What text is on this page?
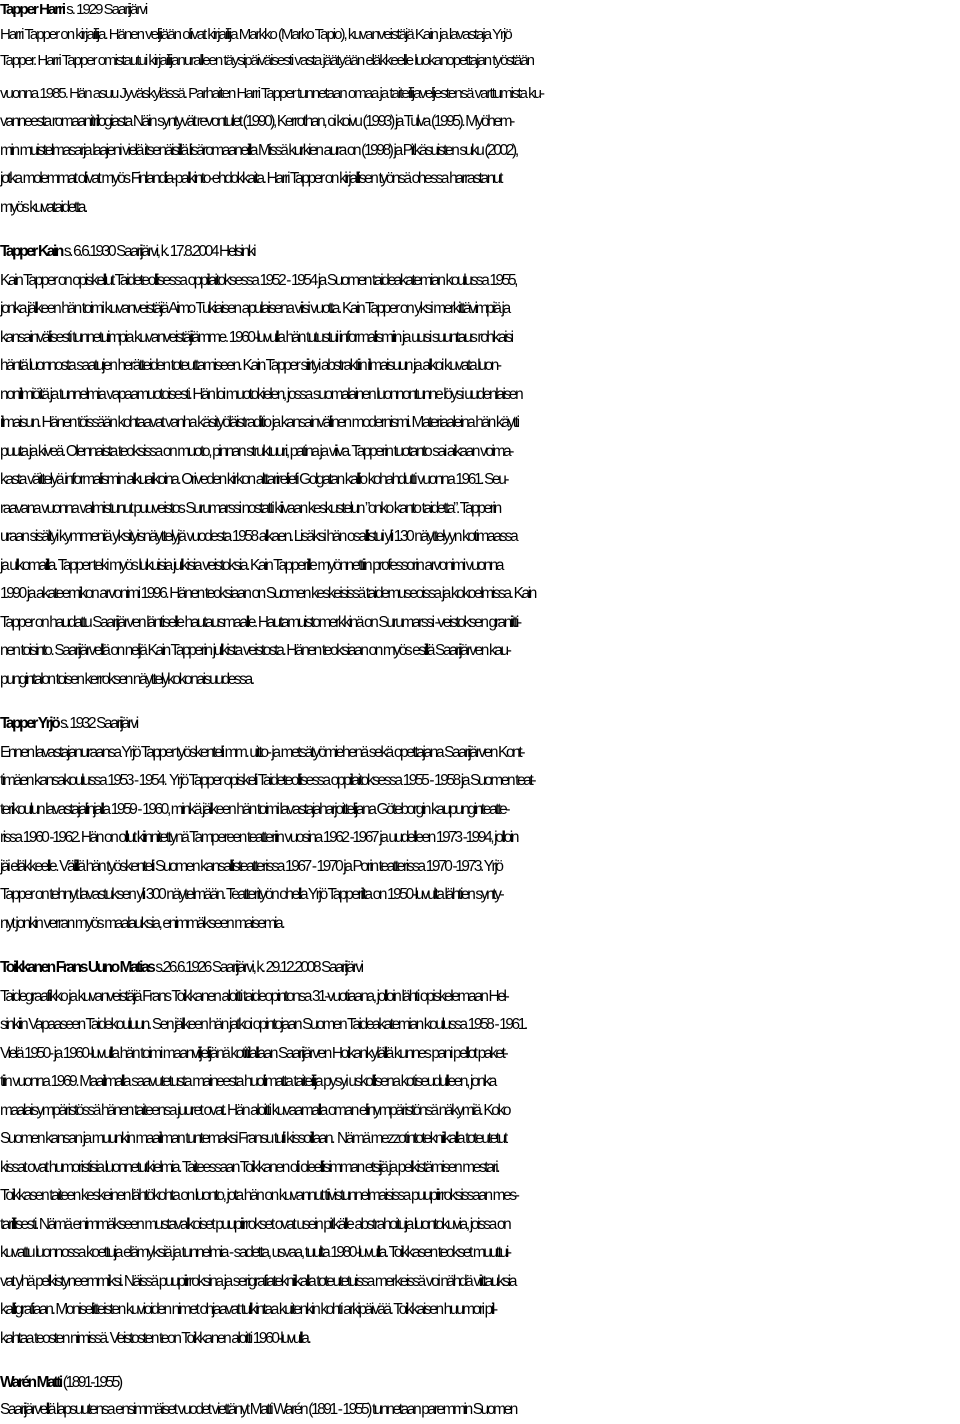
Tapper Harri s. 1929 Saarijärvi
Harri Tapper on kirjailija. Hänen veljiään olivat kirjailija Markko (Marko Tapio), kuvanveistäjä Kain ja lavastaja Yrjö
Tapper. Harri Tapper omistautui kirjailijanuralleen täysipäiväisesti vasta jäätyään eläkkeelle luokanopettajan työstään
vuonna 1985. Hän asuu Jyväskylässä. Parhaiten Harri Tapper tunnetaan omaa ja taiteilijaveljestensä varttumista ku-
vanneesta romaanitrilogiasta Näin syntyvät revontulet (1990), Kerrothan, oi koivu (1993) ja Tulva (1995). Myöhem-
min muistelmasarja laajeni vielä itsenäisillä lisäromaaneilla Missä kurkien aura on (1998) ja Pitkäsuisten suku (2002),
jotka molemmat olivat myös Finlandia-palkinto-ehdokkaita. Harri Tapper on kirjallisen työnsä ohessa harrastanut
myös kuvataidetta.
Tapper Kain s. 6.6.1930 Saarijärvi, k. 17.8.2004 Helsinki
Kain Tapper on opiskellut Taideteollisessa oppilaitoksessa 1952 - 1954 ja Suomen taideakatemian koulussa 1955,
jonka jälkeen hän toimi kuvanveistäjä Aimo Tukiaisen apulaisena viisi vuotta. Kain Tapper on yksi merkittävimpiä ja
kansainvälisesti tunnetuimpia kuvanveistäjiämme. 1960-luvulla hän tutustui informalismiin ja uusi suuntaus rohkaisi
häntä luonnosta saatujen herätteiden toteuttamiseen. Kain Tapper siirtyi abstraktiin ilmaisuun ja alkoi kuvata luon-
nonilmiöitä ja tunnelmia vapaamuotoisesti. Hän loi muotokielen, jossa suomalainen luonnontunne löysi uudenlaisen
ilmaisun. Hänen töissään kohtaavat vanha käsityöläistraditio ja kansainvälinen modernismi. Materiaaleina hän käytti
puuta ja kiveä. Olennaista teoksissa on muoto, pinnan struktuuri, patina ja viiva. Tapperin tuotanto sai aikaan voima-
kasta väittelyä informalismin alkuaikoina. Oriveden kirkon alttarireliefi Golgatan kallio kohahdutti vuonna 1961. Seu-
raavana vuonna valmistunut puuveistos Surumarssi nostatti kiivaan keskustelun ”onko kanto taidetta”. Tapperin
uraan sisältyi kymmeniä yksityisnäyttelyjä vuodesta 1958 alkaen. Lisäksi hän osallistui yli 130 näyttelyyn kotimaassa
ja ulkomailla. Tapper teki myös lukuisia julkisia veistoksia. Kain Tapperille myönnettiin professorin arvonimi vuonna
1990 ja akateemikon arvonimi 1996. Hänen teoksiaan on Suomen keskeisissä taidemuseoissa ja kokoelmissa. Kain
Tapper on haudattu Saarijärven läntiselle hautausmaalle. Hautamuistomerkkinä on Surumarssi -veistoksen graniitti-
nen toisinto. Saarijärvellä on neljä Kain Tapperin julkista veistosta. Hänen teoksiaan on myös esillä Saarijärven kau-
pungintalon toisen kerroksen näyttelykokonaisuudessa.
Tapper Yrjö s. 1932 Saarijärvi
Ennen lavastajanuraansa Yrjö Tapper työskenteli mm. uitto- ja metsätyömiehenä sekä opettajana Saarijärven Kont-
timäen kansakoulussa 1953 - 1954.  Yrjö Tapper opiskeli Taideteollisessa oppilaitoksessa 1955 - 1958 ja Suomen teat-
terikoulun lavastajalinjalla 1959 - 1960, minkä jälkeen hän toimi lavastajaharjoittelijana Göteborgin kaupunginteatte-
rissa 1960 -1962. Hän on ollut kiinnitettynä Tampereen teatteriin vuosina 1962 -1967 ja uudelleen 1973 -1994, jolloin
jäi eläkkeelle. Välillä hän työskenteli Suomen kansallisteatterissa 1967 - 1970 ja Porin teatterissa 1970 -1973. Yrjö
Tapper on tehnyt lavastuksen yli 300 näytelmään. Teatterityön ohella Yrjö Tapperilta on 1950-luvulta lähtien synty-
nyt jonkin verran myös maalauksia, enimmäkseen maisemia.
Toikkanen Frans Uuno Matias s.26.6.1926 Saarijärvi, k. 29.12.2008 Saarijärvi
Taidegraafikko ja kuvanveistäjä Frans Toikkanen aloitti taideopintonsa 31-vuotiaana, jolloin lähti opiskelemaan Hel-
sinkiin Vapaaseen Taidekouluun. Sen jälkeen hän jatkoi opintojaan Suomen Taideakatemian koulussa 1958 - 1961.
Vielä 1950- ja 1960-luvulla hän toimi maanviljelijänä kotitilallaan Saarijärven Hoikankylällä kunnes pani pellot paket-
tiin vuonna 1969. Maailmalla saavutetusta maineesta huolimatta taiteilija pysyi uskollisena kotiseudulleen, jonka
maalaisympäristössä hänen taiteensa juuret ovat. Hän aloitti kuvaamalla oman elinympäristönsä näkymiä. Koko
Suomen kansan ja muunkin maailman tuntemaksi Fransu tuli kissoillaan.  Nämä mezzotintotekniikalla toteutetut
kissat ovat humoristisia luonnetutkielmia. Taiteessaan Toikkanen oli oleellisimman etsijä ja pelkistämisen mestari.
Toikkasen taiteen keskeinen lähtökohta on luonto, jota hän on kuvannut tiivistunnelmaisissa puupiirroksissaan mes-
tarillisesti. Nämä enimmäkseen mustavalkoiset puupiirrokset ovat usein pitkälle abstrahoituja luontokuvia, joissa on
kuvattu luonnossa koettuja elämyksiä ja tunnelmia - sadetta, usvaa, tuulta 1980-luvulla. Toikkasen teokset muuttui-
vat yhä pelkistyneemmiksi. Näissä puupiirroksina ja serigrafiatekniikalla toteutetuissa merkeissä voi nähdä viittauksia
kalligrafiaan. Moniselitteisten kuvioiden nimet ohjaavat tulkintaa kuitenkin kohti arkipäivää. Toikkaisen huumori pil-
kahtaa teosten nimissä. Veistosten teon Toikkanen aloitti 1960-luvulla.
Warén Matti (1891-1955)
Saarijärvellä lapsuutensa ensimmäiset vuodet viettänyt Matti Warén (1891 - 1955) tunnetaan paremmin Suomen
